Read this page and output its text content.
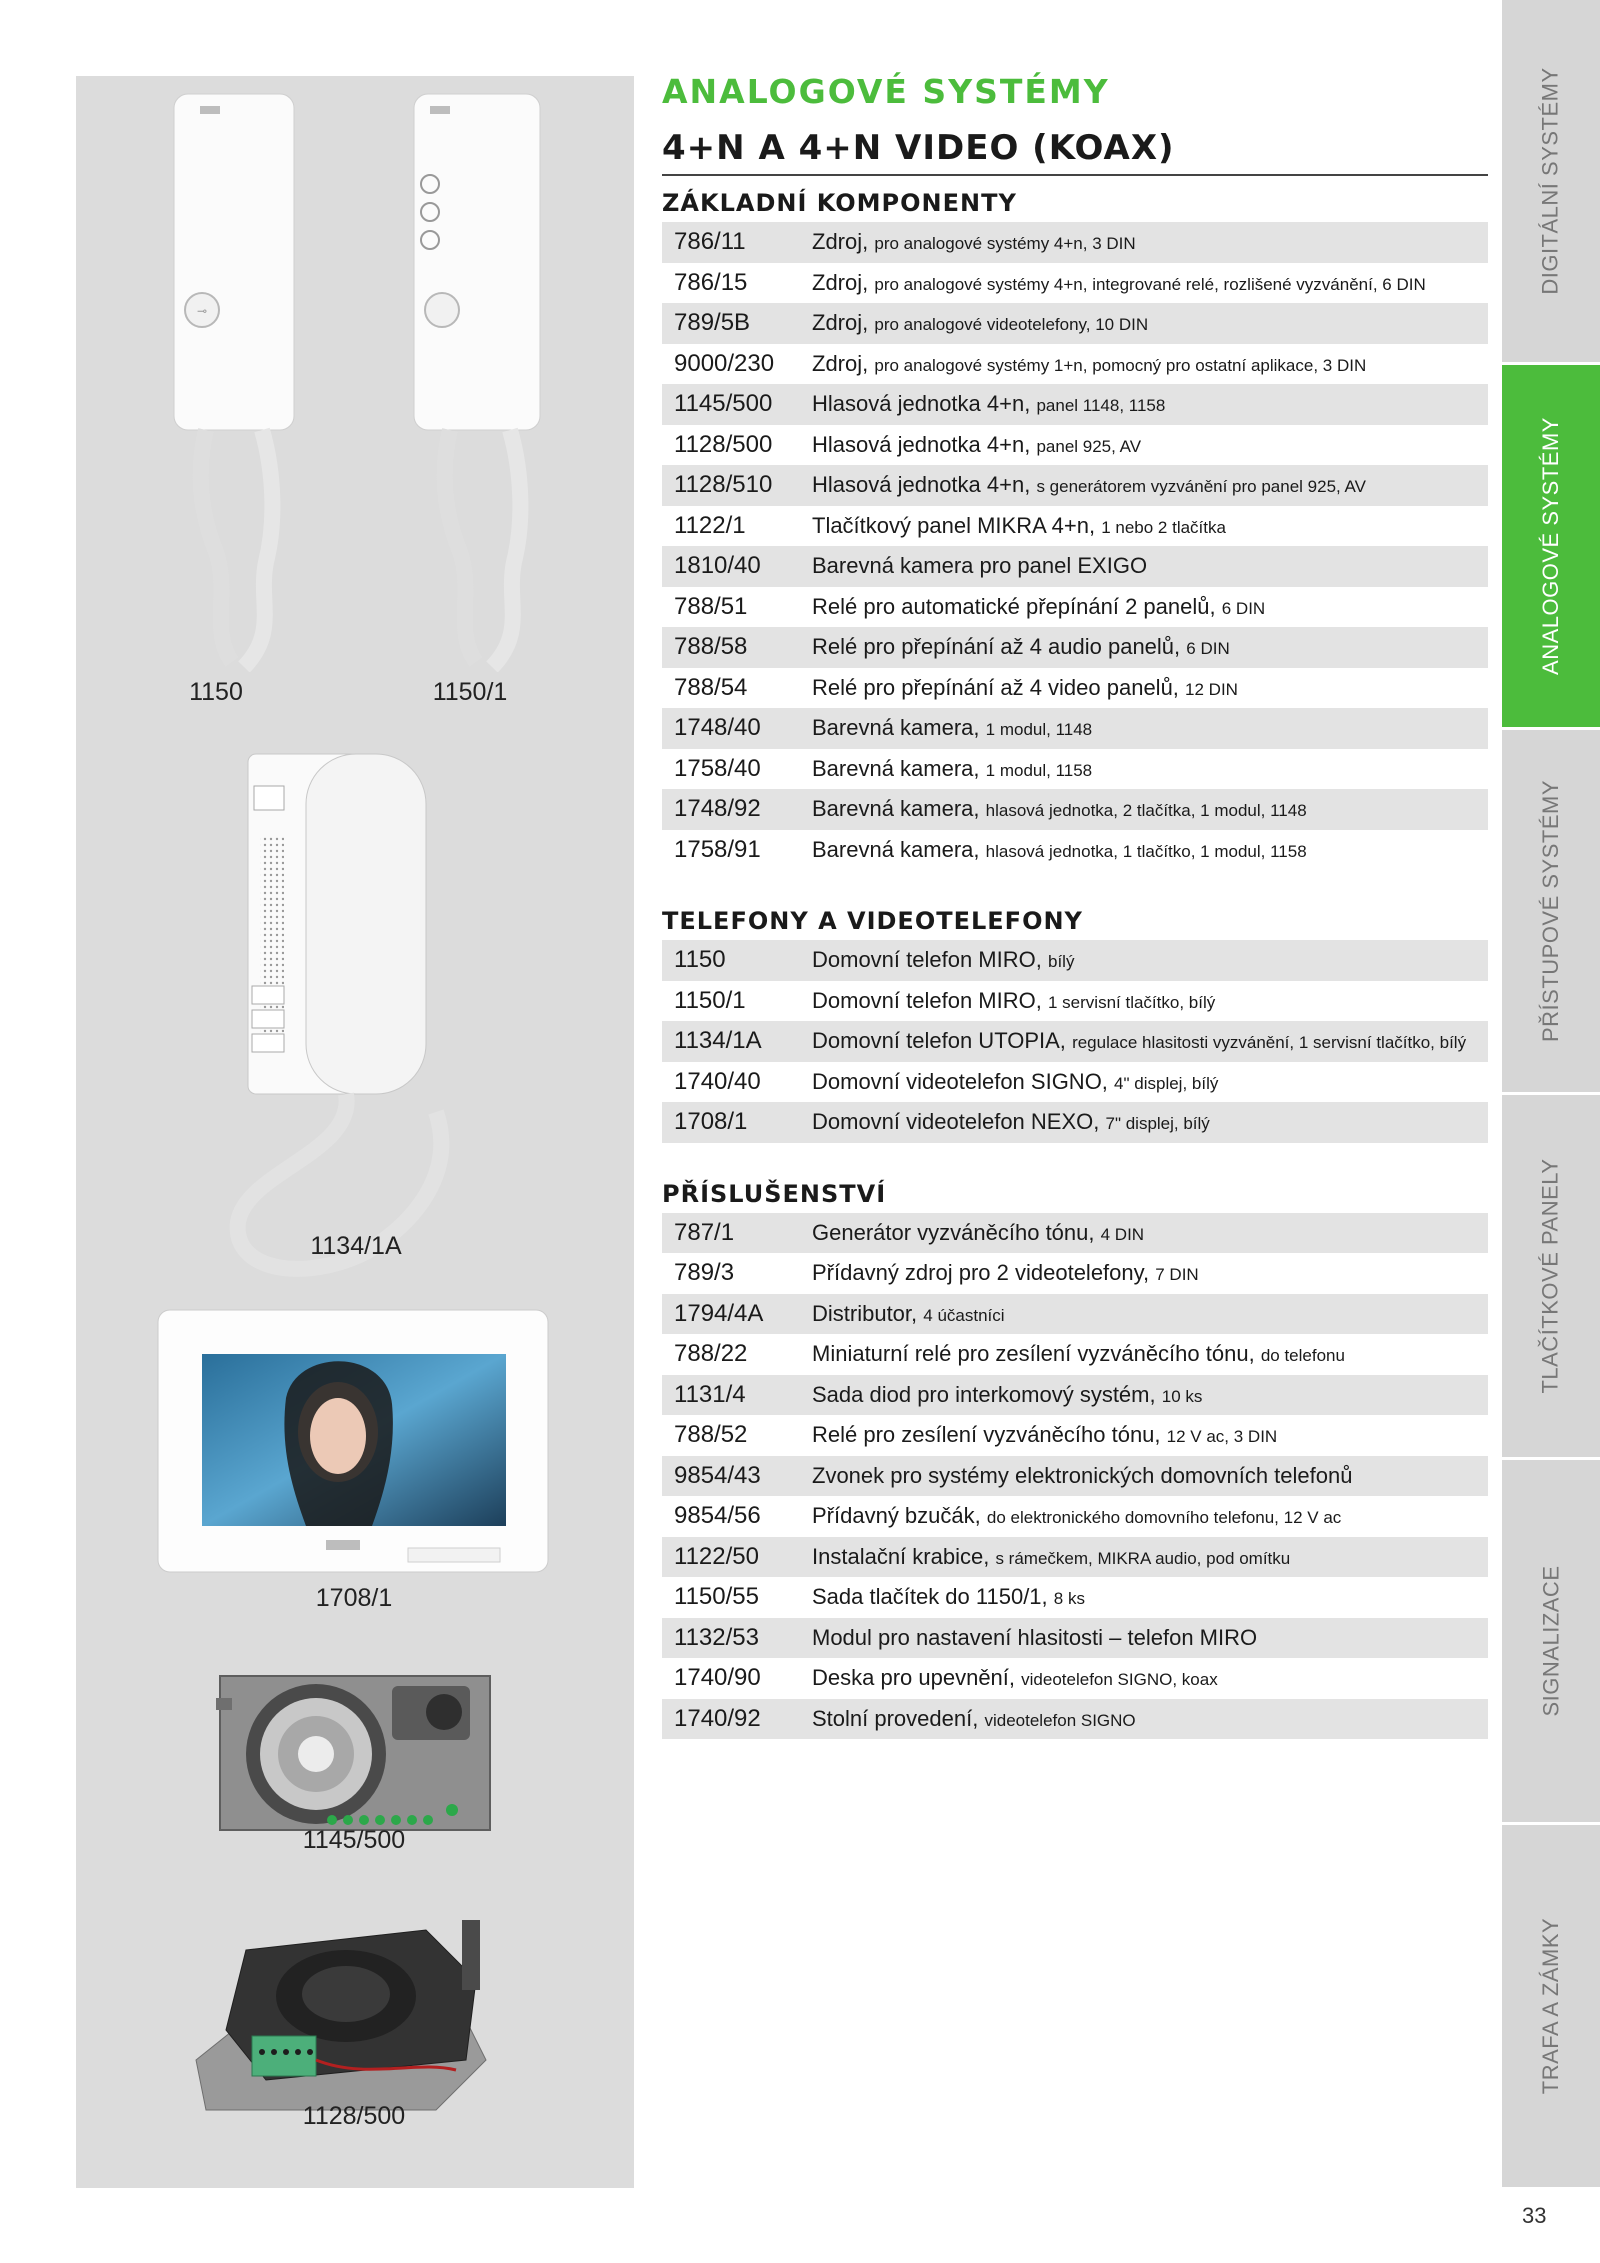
⊸
1150	1150/1
1134/1A
1708/1
1145/500
1128/500
ANALOGOVÉ SYSTÉMY
4+N A 4+N VIDEO (KOAX)
ZÁKLADNÍ KOMPONENTY
786/11	Zdroj, pro analogové systémy 4+n, 3 DIN
786/15	Zdroj, pro analogové systémy 4+n, integrované relé, rozlišené vyzvánění, 6 DIN
789/5B	Zdroj, pro analogové videotelefony, 10 DIN
9000/230	Zdroj, pro analogové systémy 1+n, pomocný pro ostatní aplikace, 3 DIN
1145/500	Hlasová jednotka 4+n, panel 1148, 1158
1128/500	Hlasová jednotka 4+n, panel 925, AV
1128/510	Hlasová jednotka 4+n, s generátorem vyzvánění pro panel 925, AV
1122/1	Tlačítkový panel MIKRA 4+n, 1 nebo 2 tlačítka
1810/40	Barevná kamera pro panel EXIGO
788/51	Relé pro automatické přepínání 2 panelů, 6 DIN
788/58	Relé pro přepínání až 4 audio panelů, 6 DIN
788/54	Relé pro přepínání až 4 video panelů, 12 DIN
1748/40	Barevná kamera, 1 modul, 1148
1758/40	Barevná kamera, 1 modul, 1158
1748/92	Barevná kamera, hlasová jednotka, 2 tlačítka, 1 modul, 1148
1758/91	Barevná kamera, hlasová jednotka, 1 tlačítko, 1 modul, 1158
TELEFONY A VIDEOTELEFONY
1150	Domovní telefon MIRO, bílý
1150/1	Domovní telefon MIRO, 1 servisní tlačítko, bílý
1134/1A	Domovní telefon UTOPIA, regulace hlasitosti vyzvánění, 1 servisní tlačítko, bílý
1740/40	Domovní videotelefon SIGNO, 4" displej, bílý
1708/1	Domovní videotelefon NEXO, 7" displej, bílý
PŘÍSLUŠENSTVÍ
787/1	Generátor vyzváněcího tónu, 4 DIN
789/3	Přídavný zdroj pro 2 videotelefony, 7 DIN
1794/4A	Distributor, 4 účastníci
788/22	Miniaturní relé pro zesílení vyzváněcího tónu, do telefonu
1131/4	Sada diod pro interkomový systém, 10 ks
788/52	Relé pro zesílení vyzváněcího tónu, 12 V ac, 3 DIN
9854/43	Zvonek pro systémy elektronických domovních telefonů
9854/56	Přídavný bzučák, do elektronického domovního telefonu, 12 V ac
1122/50	Instalační krabice, s rámečkem, MIKRA audio, pod omítku
1150/55	Sada tlačítek do 1150/1, 8 ks
1132/53	Modul pro nastavení hlasitosti – telefon MIRO
1740/90	Deska pro upevnění, videotelefon SIGNO, koax
1740/92	Stolní provedení, videotelefon SIGNO
DIGITÁLNÍ SYSTÉMY
ANALOGOVÉ SYSTÉMY
PŘÍSTUPOVÉ SYSTÉMY
TLAČÍTKOVÉ PANELY
SIGNALIZACE
TRAFA A ZÁMKY
33
